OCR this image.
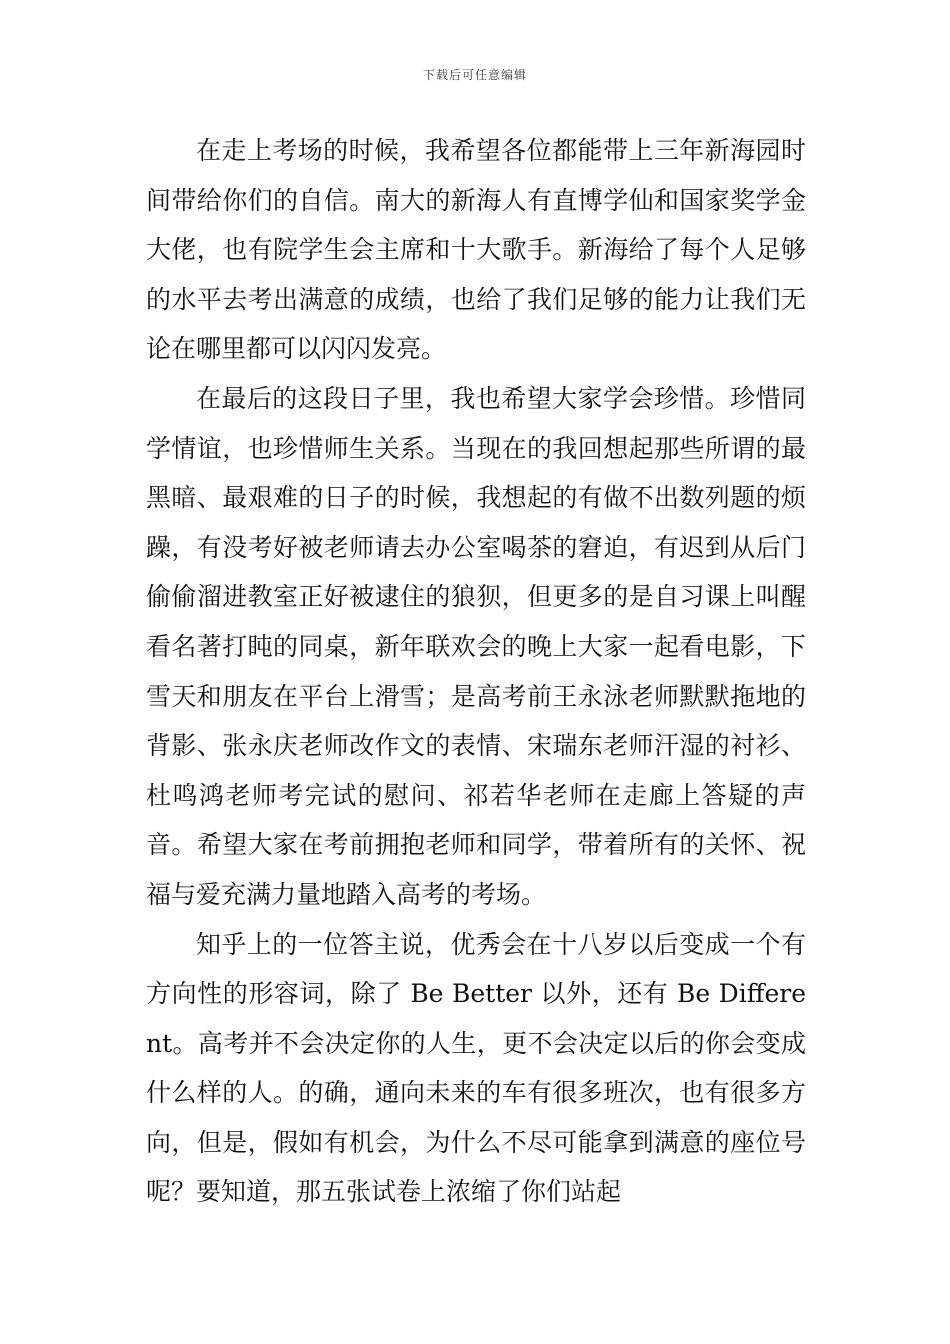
下载后可任意编辑

在走上考场的时候，我希望各位都能带上三年新海园时间带给你们的自信。南大的新海人有直博学仙和国家奖学金大佬，也有院学生会主席和十大歌手。新海给了每个人足够的水平去考出满意的成绩，也给了我们足够的能力让我们无论在哪里都可以闪闪发亮。

在最后的这段日子里，我也希望大家学会珍惜。珍惜同学情谊，也珍惜师生关系。当现在的我回想起那些所谓的最黑暗、最艰难的日子的时候，我想起的有做不出数列题的烦躁，有没考好被老师请去办公室喝茶的窘迫，有迟到从后门偷偷溜进教室正好被逮住的狼狈，但更多的是自习课上叫醒看名著打盹的同桌，新年联欢会的晚上大家一起看电影，下雪天和朋友在平台上滑雪；是高考前王永泳老师默默拖地的背影、张永庆老师改作文的表情、宋瑞东老师汗湿的衬衫、杜鸣鸿老师考完试的慰问、祁若华老师在走廊上答疑的声音。希望大家在考前拥抱老师和同学，带着所有的关怀、祝福与爱充满力量地踏入高考的考场。

知乎上的一位答主说，优秀会在十八岁以后变成一个有方向性的形容词，除了 Be Better 以外，还有 Be Different。高考并不会决定你的人生，更不会决定以后的你会变成什么样的人。的确，通向未来的车有很多班次，也有很多方向，但是，假如有机会，为什么不尽可能拿到满意的座位号呢？要知道，那五张试卷上浓缩了你们站起
